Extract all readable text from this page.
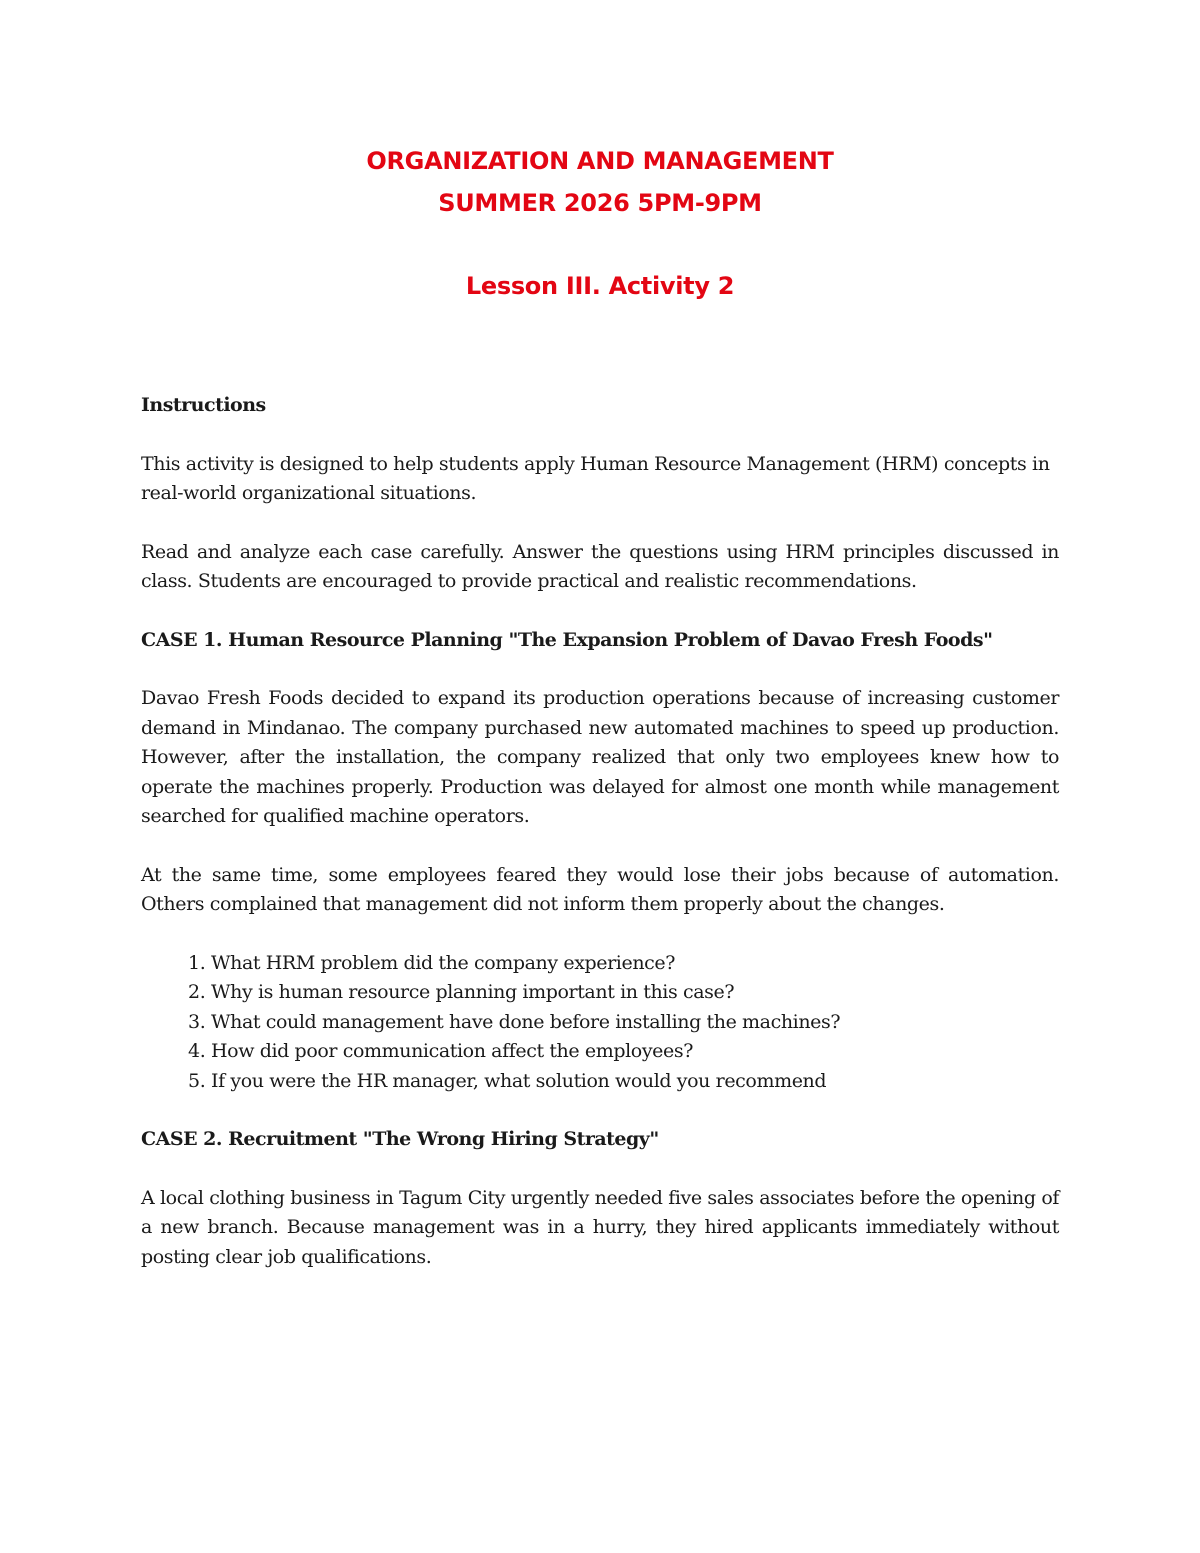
ORGANIZATION AND MANAGEMENT
SUMMER 2026 5PM-9PM
Lesson III. Activity 2
Instructions

This activity is designed to help students apply Human Resource Management (HRM) concepts in real-world organizational situations.

Read and analyze each case carefully. Answer the questions using HRM principles discussed in class. Students are encouraged to provide practical and realistic recommendations.

CASE 1. Human Resource Planning "The Expansion Problem of Davao Fresh Foods"

Davao Fresh Foods decided to expand its production operations because of increasing customer demand in Mindanao. The company purchased new automated machines to speed up production. However, after the installation, the company realized that only two employees knew how to operate the machines properly. Production was delayed for almost one month while management searched for qualified machine operators.

At the same time, some employees feared they would lose their jobs because of automation. Others complained that management did not inform them properly about the changes.

1. What HRM problem did the company experience?
2. Why is human resource planning important in this case?
3. What could management have done before installing the machines?
4. How did poor communication affect the employees?
5. If you were the HR manager, what solution would you recommend
CASE 2. Recruitment "The Wrong Hiring Strategy"

A local clothing business in Tagum City urgently needed five sales associates before the opening of a new branch. Because management was in a hurry, they hired applicants immediately without posting clear job qualifications.
